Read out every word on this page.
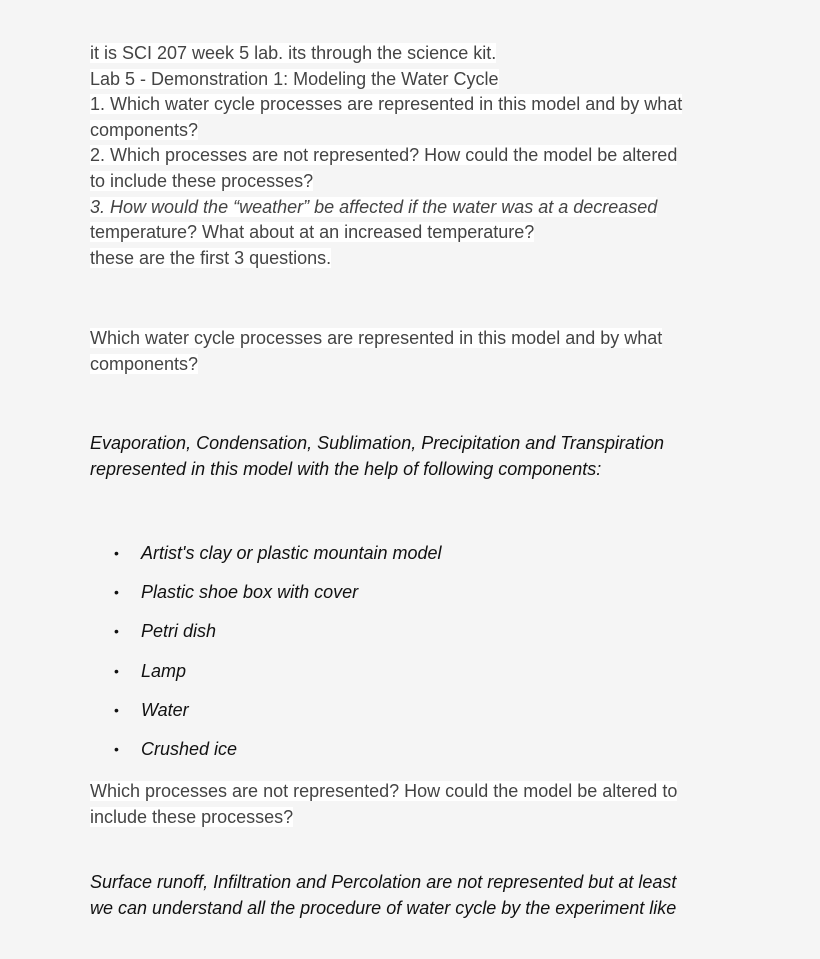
it is SCI 207 week 5 lab. its through the science kit.
Lab 5 - Demonstration 1: Modeling the Water Cycle
1. Which water cycle processes are represented in this model and by what
components?
2. Which processes are not represented? How could the model be altered
to include these processes?
3. How would the “weather” be affected if the water was at a decreased
temperature? What about at an increased temperature?
these are the first 3 questions.
Which water cycle processes are represented in this model and by what
components?
Evaporation, Condensation, Sublimation, Precipitation and Transpiration
represented in this model with the help of following components:
• Artist's clay or plastic mountain model
• Plastic shoe box with cover
• Petri dish
• Lamp
• Water
• Crushed ice
Which processes are not represented? How could the model be altered to
include these processes?
Surface runoff, Infiltration and Percolation are not represented but at least
we can understand all the procedure of water cycle by the experiment like
